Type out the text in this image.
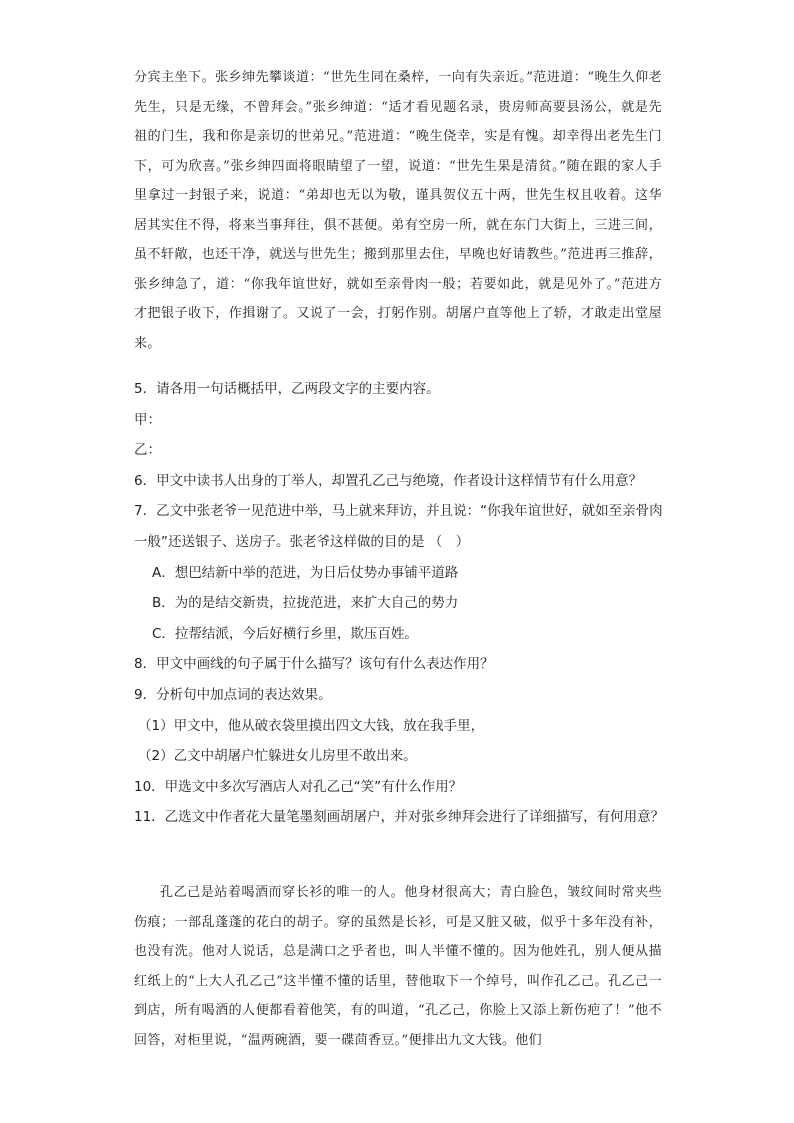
分宾主坐下。张乡绅先攀谈道：“世先生同在桑梓，一向有失亲近。”范进道：“晚生久仰老先生，只是无缘，不曾拜会。”张乡绅道：“适才看见题名录，贵房师高要县汤公，就是先祖的门生，我和你是亲切的世弟兄。”范进道：“晚生侥幸，实是有愧。却幸得出老先生门下，可为欣喜。”张乡绅四面将眼睛望了一望，说道：“世先生果是清贫。”随在跟的家人手里拿过一封银子来，说道：“弟却也无以为敬，谨具贺仪五十两，世先生权且收着。这华居其实住不得，将来当事拜往，俱不甚便。弟有空房一所，就在东门大街上，三进三间，虽不轩敞，也还干净，就送与世先生；搬到那里去住，早晚也好请教些。”范进再三推辞，张乡绅急了，道：“你我年谊世好，就如至亲骨肉一般；若要如此，就是见外了。”范进方才把银子收下，作揖谢了。又说了一会，打躬作别。胡屠户直等他上了轿，才敢走出堂屋来。
5．请各用一句话概括甲，乙两段文字的主要内容。
甲：
乙：
6．甲文中读书人出身的丁举人，却置孔乙己与绝境，作者设计这样情节有什么用意？
7．乙文中张老爷一见范进中举，马上就来拜访，并且说：“你我年谊世好，就如至亲骨肉一般”还送银子、送房子。张老爷这样做的目的是 （　）
A．想巴结新中举的范进，为日后仗势办事铺平道路
B．为的是结交新贵，拉拢范进，来扩大自己的势力
C．拉帮结派，今后好横行乡里，欺压百姓。
8．甲文中画线的句子属于什么描写？该句有什么表达作用？
9．分析句中加点词的表达效果。
（1）甲文中，他从破衣袋里摸出四文大钱，放在我手里，
（2）乙文中胡屠户忙躲进女儿房里不敢出来。
10．甲选文中多次写酒店人对孔乙己“笑”有什么作用？
11．乙选文中作者花大量笔墨刻画胡屠户，并对张乡绅拜会进行了详细描写，有何用意？
孔乙己是站着喝酒而穿长衫的唯一的人。他身材很高大；青白脸色，皱纹间时常夹些伤痕；一部乱蓬蓬的花白的胡子。穿的虽然是长衫，可是又脏又破，似乎十多年没有补，也没有洗。他对人说话，总是满口之乎者也，叫人半懂不懂的。因为他姓孔，别人便从描红纸上的“上大人孔乙己”这半懂不懂的话里，替他取下一个绰号，叫作孔乙己。孔乙己一到店，所有喝酒的人便都看着他笑，有的叫道，“孔乙己，你脸上又添上新伤疤了！”他不回答，对柜里说，“温两碗酒，要一碟茴香豆。”便排出九文大钱。他们
